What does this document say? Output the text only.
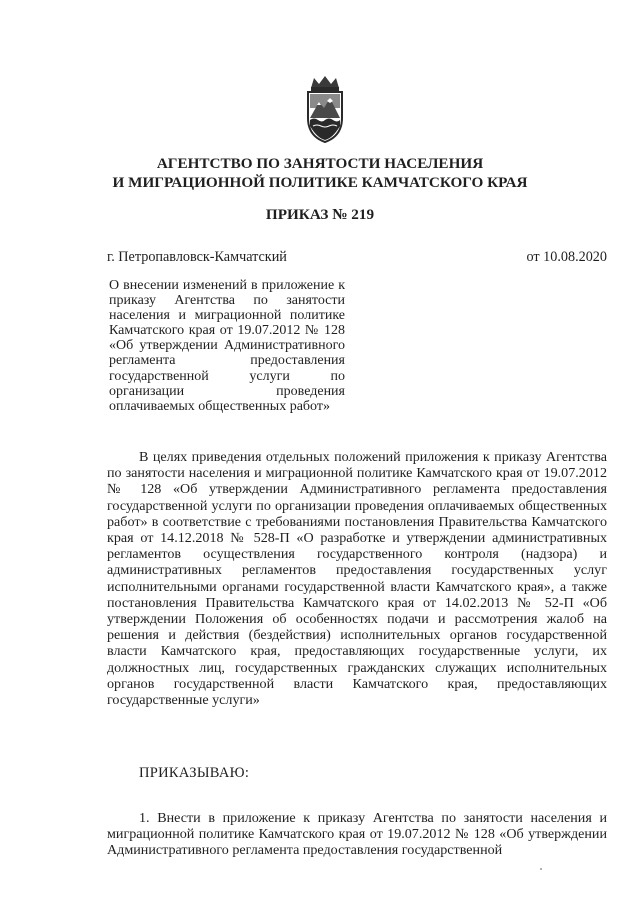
АГЕНТСТВО ПО ЗАНЯТОСТИ НАСЕЛЕНИЯ
И МИГРАЦИОННОЙ ПОЛИТИКЕ КАМЧАТСКОГО КРАЯ
ПРИКАЗ № 219
г. Петропавловск-Камчатский	от 10.08.2020
О внесении изменений в приложение к приказу Агентства по занятости населения и миграционной политике Камчатского края от 19.07.2012 № 128 «Об утверждении Административного регламента предоставления государственной услуги по организации проведения оплачиваемых общественных работ»
В целях приведения отдельных положений приложения к приказу Агентства по занятости населения и миграционной политике Камчатского края от 19.07.2012 № 128 «Об утверждении Административного регламента предоставления государственной услуги по организации проведения оплачиваемых общественных работ» в соответствие с требованиями постановления Правительства Камчатского края от 14.12.2018 № 528-П «О разработке и утверждении административных регламентов осуществления государственного контроля (надзора) и административных регламентов предоставления государственных услуг исполнительными органами государственной власти Камчатского края», а также постановления Правительства Камчатского края от 14.02.2013 № 52-П «Об утверждении Положения об особенностях подачи и рассмотрения жалоб на решения и действия (бездействия) исполнительных органов государственной власти Камчатского края, предоставляющих государственные услуги, их должностных лиц, государственных гражданских служащих исполнительных органов государственной власти Камчатского края, предоставляющих государственные услуги»
ПРИКАЗЫВАЮ:
1. Внести в приложение к приказу Агентства по занятости населения и миграционной политике Камчатского края от 19.07.2012 № 128 «Об утверждении Административного регламента предоставления государственной
